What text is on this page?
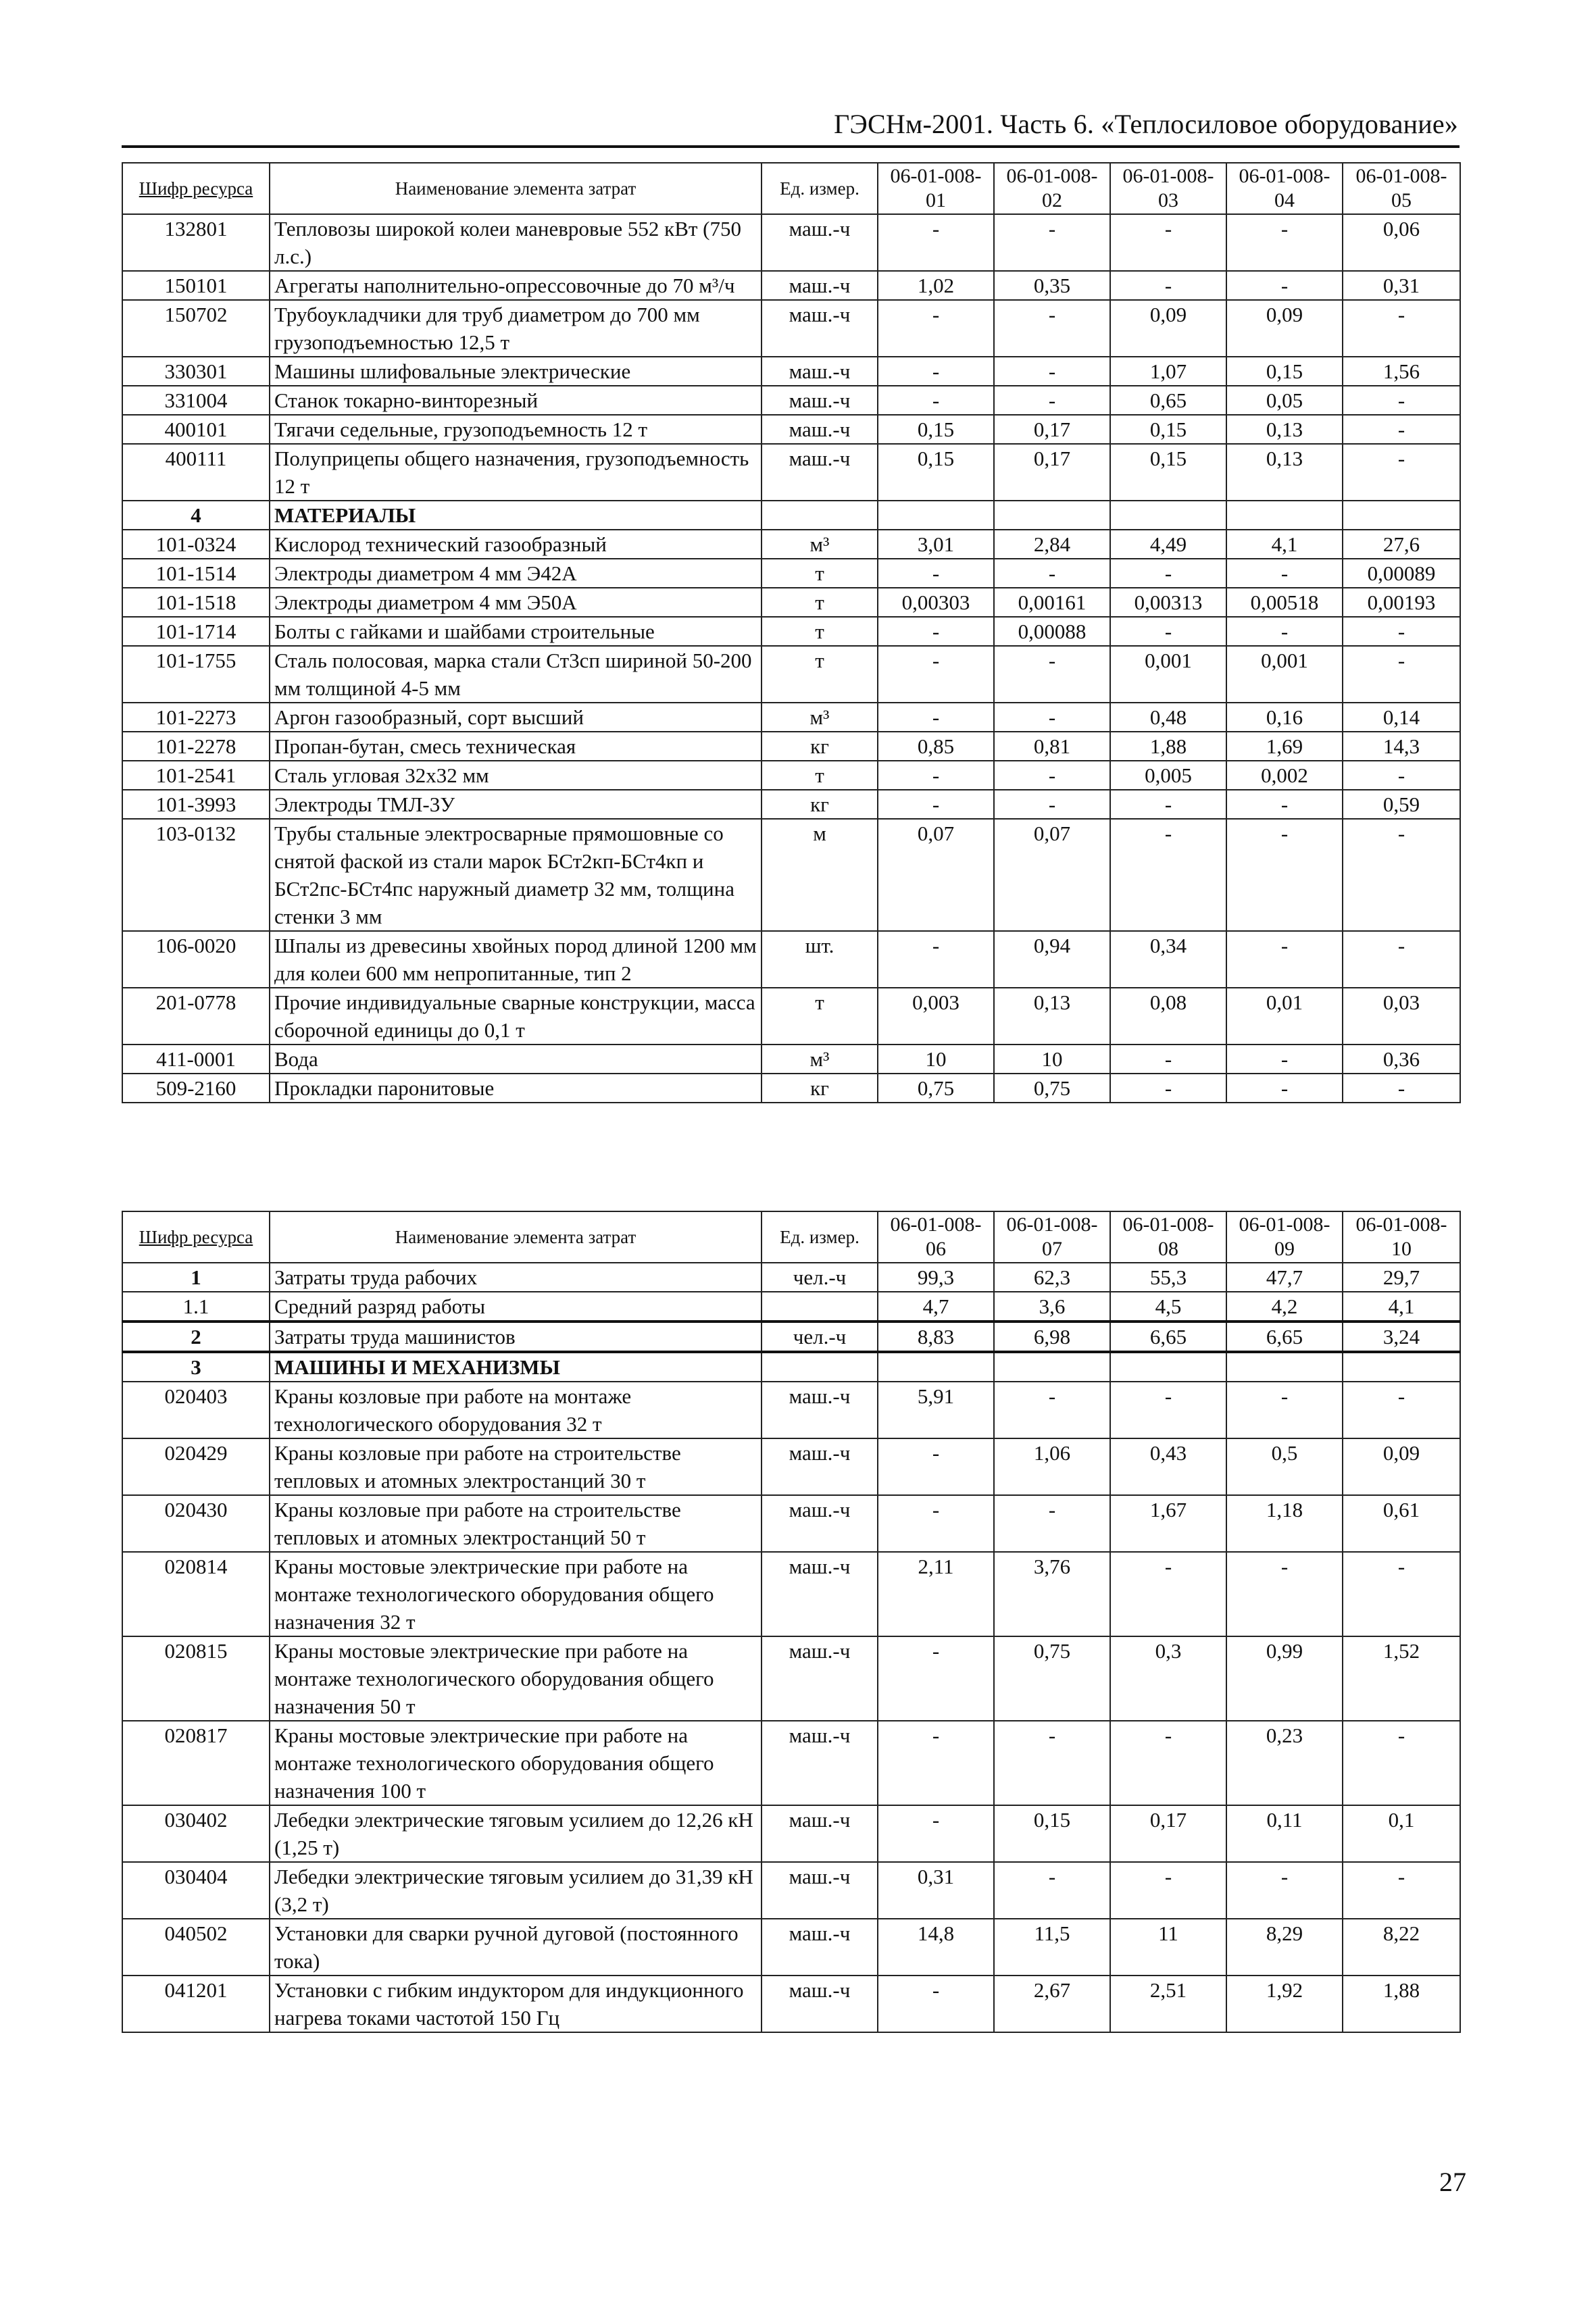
ГЭСНм-2001. Часть 6. «Теплосиловое оборудование»
Шифр ресурса	Наименование элемента затрат	Ед. измер.	06-01-008-01	06-01-008-02	06-01-008-03	06-01-008-04	06-01-008-05
132801	Тепловозы широкой колеи маневровые 552 кВт (750 л.с.)	маш.-ч	-	-	-	-	0,06
150101	Агрегаты наполнительно-опрессовочные до 70 м³/ч	маш.-ч	1,02	0,35	-	-	0,31
150702	Трубоукладчики для труб диаметром до 700 мм грузоподъемностью 12,5 т	маш.-ч	-	-	0,09	0,09	-
330301	Машины шлифовальные электрические	маш.-ч	-	-	1,07	0,15	1,56
331004	Станок токарно-винторезный	маш.-ч	-	-	0,65	0,05	-
400101	Тягачи седельные, грузоподъемность 12 т	маш.-ч	0,15	0,17	0,15	0,13	-
400111	Полуприцепы общего назначения, грузоподъемность 12 т	маш.-ч	0,15	0,17	0,15	0,13	-
4	МАТЕРИАЛЫ						
101-0324	Кислород технический газообразный	м³	3,01	2,84	4,49	4,1	27,6
101-1514	Электроды диаметром 4 мм Э42А	т	-	-	-	-	0,00089
101-1518	Электроды диаметром 4 мм Э50А	т	0,00303	0,00161	0,00313	0,00518	0,00193
101-1714	Болты с гайками и шайбами строительные	т	-	0,00088	-	-	-
101-1755	Сталь полосовая, марка стали Ст3сп шириной 50-200 мм толщиной 4-5 мм	т	-	-	0,001	0,001	-
101-2273	Аргон газообразный, сорт высший	м³	-	-	0,48	0,16	0,14
101-2278	Пропан-бутан, смесь техническая	кг	0,85	0,81	1,88	1,69	14,3
101-2541	Сталь угловая 32х32 мм	т	-	-	0,005	0,002	-
101-3993	Электроды ТМЛ-3У	кг	-	-	-	-	0,59
103-0132	Трубы стальные электросварные прямошовные со снятой фаской из стали марок БСт2кп-БСт4кп и БСт2пс-БСт4пс наружный диаметр 32 мм, толщина стенки 3 мм	м	0,07	0,07	-	-	-
106-0020	Шпалы из древесины хвойных пород длиной 1200 мм для колеи 600 мм непропитанные, тип 2	шт.	-	0,94	0,34	-	-
201-0778	Прочие индивидуальные сварные конструкции, масса сборочной единицы до 0,1 т	т	0,003	0,13	0,08	0,01	0,03
411-0001	Вода	м³	10	10	-	-	0,36
509-2160	Прокладки паронитовые	кг	0,75	0,75	-	-	-
Шифр ресурса	Наименование элемента затрат	Ед. измер.	06-01-008-06	06-01-008-07	06-01-008-08	06-01-008-09	06-01-008-10
1	Затраты труда рабочих	чел.-ч	99,3	62,3	55,3	47,7	29,7
1.1	Средний разряд работы		4,7	3,6	4,5	4,2	4,1
2	Затраты труда машинистов	чел.-ч	8,83	6,98	6,65	6,65	3,24
3	МАШИНЫ И МЕХАНИЗМЫ						
020403	Краны козловые при работе на монтаже технологического оборудования 32 т	маш.-ч	5,91	-	-	-	-
020429	Краны козловые при работе на строительстве тепловых и атомных электростанций 30 т	маш.-ч	-	1,06	0,43	0,5	0,09
020430	Краны козловые при работе на строительстве тепловых и атомных электростанций 50 т	маш.-ч	-	-	1,67	1,18	0,61
020814	Краны мостовые электрические при работе на монтаже технологического оборудования общего назначения 32 т	маш.-ч	2,11	3,76	-	-	-
020815	Краны мостовые электрические при работе на монтаже технологического оборудования общего назначения 50 т	маш.-ч	-	0,75	0,3	0,99	1,52
020817	Краны мостовые электрические при работе на монтаже технологического оборудования общего назначения 100 т	маш.-ч	-	-	-	0,23	-
030402	Лебедки электрические тяговым усилием до 12,26 кН (1,25 т)	маш.-ч	-	0,15	0,17	0,11	0,1
030404	Лебедки электрические тяговым усилием до 31,39 кН (3,2 т)	маш.-ч	0,31	-	-	-	-
040502	Установки для сварки ручной дуговой (постоянного тока)	маш.-ч	14,8	11,5	11	8,29	8,22
041201	Установки с гибким индуктором для индукционного нагрева токами частотой 150 Гц	маш.-ч	-	2,67	2,51	1,92	1,88
27
